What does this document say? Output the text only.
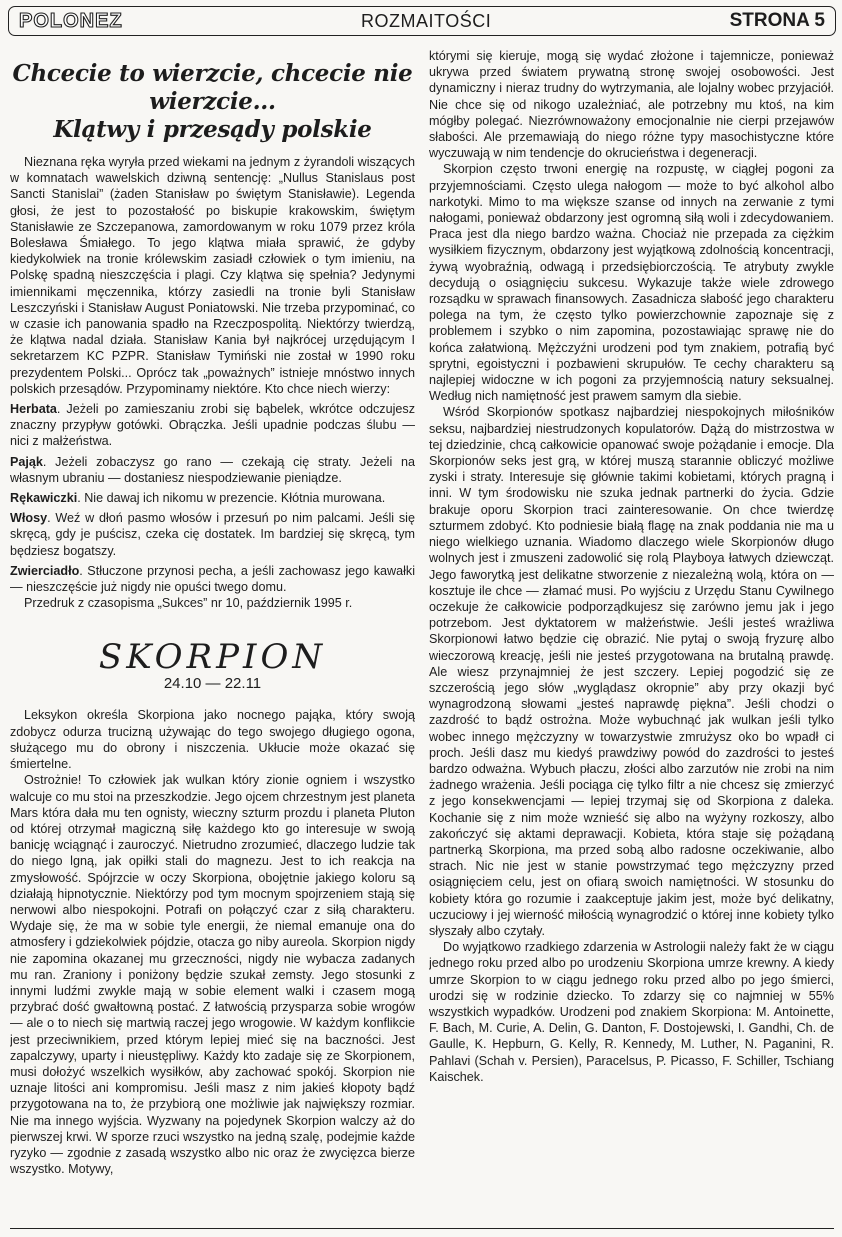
POLONEZ	ROZMAITOŚCI	STRONA 5
Chcecie to wierzcie, chcecie nie wierzcie...
Klątwy i przesądy polskie

Nieznana ręka wyryła przed wiekami na jednym z żyrandoli wiszących w komnatach wawelskich dziwną sentencję: „Nullus Stanislaus post Sancti Stanislai” (żaden Stanisław po świętym Stanisławie). Legenda głosi, że jest to pozostałość po biskupie krakowskim, świętym Stanisławie ze Szczepanowa, zamordowanym w roku 1079 przez króla Bolesława Śmiałego. To jego klątwa miała sprawić, że gdyby kiedykolwiek na tronie królewskim zasiadł człowiek o tym imieniu, na Polskę spadną nieszczęścia i plagi. Czy klątwa się spełnia? Jedynymi imiennikami męczennika, którzy zasiedli na tronie byli Stanisław Leszczyński i Stanisław August Poniatowski. Nie trzeba przypominać, co w czasie ich panowania spadło na Rzeczpospolitą. Niektórzy twierdzą, że klątwa nadal działa. Stanisław Kania był najkrócej urzędującym I sekretarzem KC PZPR. Stanisław Tymiński nie został w 1990 roku prezydentem Polski... Oprócz tak „poważnych” istnieje mnóstwo innych polskich przesądów. Przypominamy niektóre. Kto chce niech wierzy:

Herbata. Jeżeli po zamieszaniu zrobi się bąbelek, wkrótce odczujesz znaczny przypływ gotówki. Obrączka. Jeśli upadnie podczas ślubu — nici z małżeństwa.

Pająk. Jeżeli zobaczysz go rano — czekają cię straty. Jeżeli na własnym ubraniu — dostaniesz niespodziewanie pieniądze.

Rękawiczki. Nie dawaj ich nikomu w prezencie. Kłótnia murowana.

Włosy. Weź w dłoń pasmo włosów i przesuń po nim palcami. Jeśli się skręcą, gdy je puścisz, czeka cię dostatek. Im bardziej się skręcą, tym będziesz bogatszy.

Zwierciadło. Stłuczone przynosi pecha, a jeśli zachowasz jego kawałki — nieszczęście już nigdy nie opuści twego domu.

Przedruk z czasopisma „Sukces” nr 10, październik 1995 r.

SKORPION
24.10 — 22.11

Leksykon określa Skorpiona jako nocnego pająka, który swoją zdobycz odurza trucizną używając do tego swojego długiego ogona, służącego mu do obrony i niszczenia. Ukłucie może okazać się śmiertelne.

Ostrożnie! To człowiek jak wulkan który zionie ogniem i wszystko walcuje co mu stoi na przeszkodzie. Jego ojcem chrzestnym jest planeta Mars która dała mu ten ognisty, wieczny szturm prozdu i planeta Pluton od której otrzymał magiczną siłę każdego kto go interesuje w swoją banicję wciągnąć i zauroczyć. Nietrudno zrozumieć, dlaczego ludzie tak do niego lgną, jak opiłki stali do magnezu. Jest to ich reakcja na zmysłowość. Spójrzcie w oczy Skorpiona, obojętnie jakiego koloru są działają hipnotycznie. Niektórzy pod tym mocnym spojrzeniem stają się nerwowi albo niespokojni. Potrafi on połączyć czar z siłą charakteru. Wydaje się, że ma w sobie tyle energii, że niemal emanuje ona do atmosfery i gdziekolwiek pójdzie, otacza go niby aureola. Skorpion nigdy nie zapomina okazanej mu grzeczności, nigdy nie wybacza zadanych mu ran. Zraniony i poniżony będzie szukał zemsty. Jego stosunki z innymi ludźmi zwykle mają w sobie element walki i czasem mogą przybrać dość gwałtowną postać. Z łatwością przysparza sobie wrogów — ale o to niech się martwią raczej jego wrogowie. W każdym konflikcie jest przeciwnikiem, przed którym lepiej mieć się na baczności. Jest zapalczywy, uparty i nieustępliwy. Każdy kto zadaje się ze Skorpionem, musi dołożyć wszelkich wysiłków, aby zachować spokój. Skorpion nie uznaje litości ani kompromisu. Jeśli masz z nim jakieś kłopoty bądź przygotowana na to, że przybiorą one możliwie jak największy rozmiar. Nie ma innego wyjścia. Wyzwany na pojedynek Skorpion walczy aż do pierwszej krwi. W sporze rzuci wszystko na jedną szalę, podejmie każde ryzyko — zgodnie z zasadą wszystko albo nic oraz że zwycięzca bierze wszystko. Motywy,

którymi się kieruje, mogą się wydać złożone i tajemnicze, ponieważ ukrywa przed światem prywatną stronę swojej osobowości. Jest dynamiczny i nieraz trudny do wytrzymania, ale lojalny wobec przyjaciół. Nie chce się od nikogo uzależniać, ale potrzebny mu ktoś, na kim mógłby polegać. Niezrównoważony emocjonalnie nie cierpi przejawów słabości. Ale przemawiają do niego różne typy masochistyczne które wyczuwają w nim tendencje do okrucieństwa i degeneracji.

Skorpion często trwoni energię na rozpustę, w ciągłej pogoni za przyjemnościami. Często ulega nałogom — może to być alkohol albo narkotyki. Mimo to ma większe szanse od innych na zerwanie z tymi nałogami, ponieważ obdarzony jest ogromną siłą woli i zdecydowaniem. Praca jest dla niego bardzo ważna. Chociaż nie przepada za ciężkim wysiłkiem fizycznym, obdarzony jest wyjątkową zdolnością koncentracji, żywą wyobraźnią, odwagą i przedsiębiorczością. Te atrybuty zwykle decydują o osiągnięciu sukcesu. Wykazuje także wiele zdrowego rozsądku w sprawach finansowych. Zasadnicza słabość jego charakteru polega na tym, że często tylko powierzchownie zapoznaje się z problemem i szybko o nim zapomina, pozostawiając sprawę nie do końca załatwioną. Mężczyźni urodzeni pod tym znakiem, potrafią być sprytni, egoistyczni i pozbawieni skrupułów. Te cechy charakteru są najlepiej widoczne w ich pogoni za przyjemnością natury seksualnej. Według nich namiętność jest prawem samym dla siebie.

Wśród Skorpionów spotkasz najbardziej niespokojnych miłośników seksu, najbardziej niestrudzonych kopulatorów. Dążą do mistrzostwa w tej dziedzinie, chcą całkowicie opanować swoje pożądanie i emocje. Dla Skorpionów seks jest grą, w której muszą starannie obliczyć możliwe zyski i straty. Interesuje się głównie takimi kobietami, których pragną i inni. W tym środowisku nie szuka jednak partnerki do życia. Gdzie brakuje oporu Skorpion traci zainteresowanie. On chce twierdzę szturmem zdobyć. Kto podniesie białą flagę na znak poddania nie ma u niego wielkiego uznania. Wiadomo dlaczego wiele Skorpionów długo wolnych jest i zmuszeni zadowolić się rolą Playboya łatwych dziewcząt. Jego faworytką jest delikatne stworzenie z niezależną wolą, która on — kosztuje ile chce — złamać musi. Po wyjściu z Urzędu Stanu Cywilnego oczekuje że całkowicie podporządkujesz się zarówno jemu jak i jego potrzebom. Jest dyktatorem w małżeństwie. Jeśli jesteś wrażliwa Skorpionowi łatwo będzie cię obrazić. Nie pytaj o swoją fryzurę albo wieczorową kreację, jeśli nie jesteś przygotowana na brutalną prawdę. Ale wiesz przynajmniej że jest szczery. Lepiej pogodzić się ze szczerością jego słów „wyglądasz okropnie” aby przy okazji być wynagrodzoną słowami „jesteś naprawdę piękna”. Jeśli chodzi o zazdrość to bądź ostrożna. Może wybuchnąć jak wulkan jeśli tylko wobec innego mężczyzny w towarzystwie zmrużysz oko bo wpadł ci proch. Jeśli dasz mu kiedyś prawdziwy powód do zazdrości to jesteś bardzo odważna. Wybuch płaczu, złości albo zarzutów nie zrobi na nim żadnego wrażenia. Jeśli pociąga cię tylko filtr a nie chcesz się zmierzyć z jego konsekwencjami — lepiej trzymaj się od Skorpiona z daleka. Kochanie się z nim może wznieść się albo na wyżyny rozkoszy, albo zakończyć się aktami deprawacji. Kobieta, która staje się pożądaną partnerką Skorpiona, ma przed sobą albo radosne oczekiwanie, albo strach. Nic nie jest w stanie powstrzymać tego mężczyzny przed osiągnięciem celu, jest on ofiarą swoich namiętności. W stosunku do kobiety która go rozumie i zaakceptuje jakim jest, może być delikatny, uczuciowy i jej wierność miłością wynagrodzić o której inne kobiety tylko słyszały albo czytały.

Do wyjątkowo rzadkiego zdarzenia w Astrologii należy fakt że w ciągu jednego roku przed albo po urodzeniu Skorpiona umrze krewny. A kiedy umrze Skorpion to w ciągu jednego roku przed albo po jego śmierci, urodzi się w rodzinie dziecko. To zdarzy się co najmniej w 55% wszystkich wypadków. Urodzeni pod znakiem Skorpiona: M. Antoinette, F. Bach, M. Curie, A. Delin, G. Danton, F. Dostojewski, I. Gandhi, Ch. de Gaulle, K. Hepburn, G. Kelly, R. Kennedy, M. Luther, N. Paganini, R. Pahlavi (Schah v. Persien), Paracelsus, P. Picasso, F. Schiller, Tschiang Kaischek.
